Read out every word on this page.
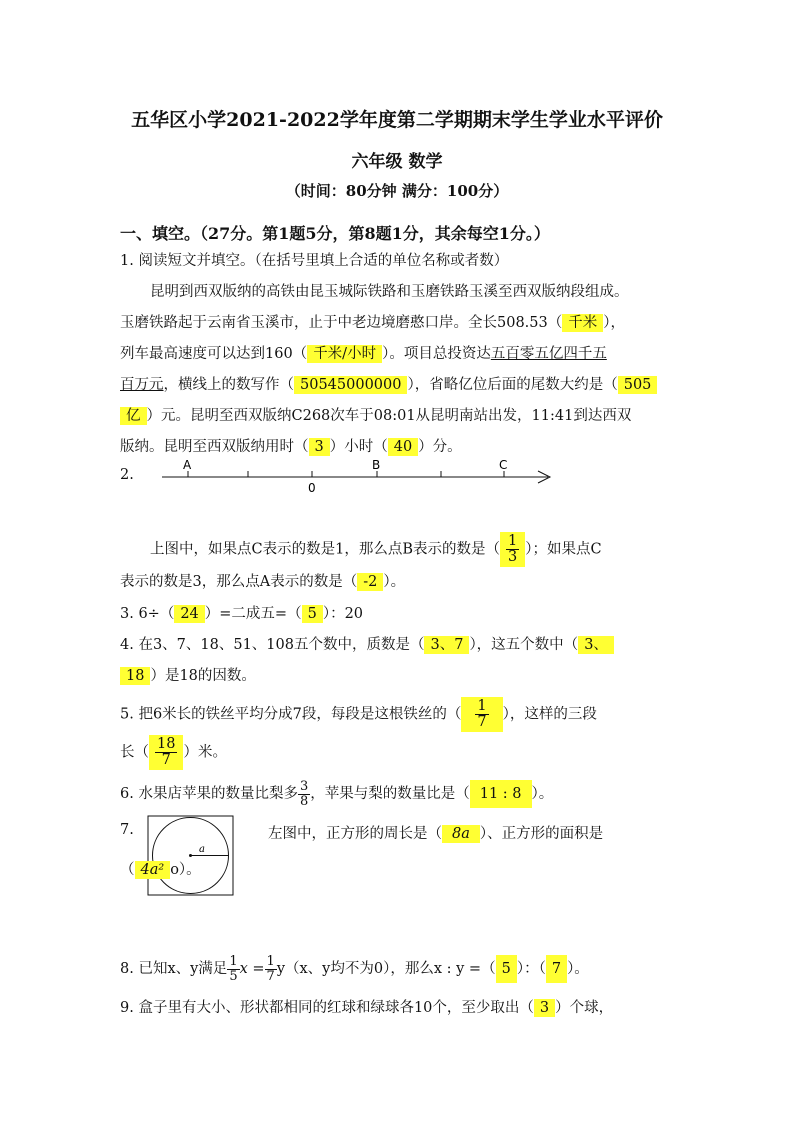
五华区小学2021-2022学年度第二学期期末学生学业水平评价
六年级 数学
（时间：80分钟 满分：100分）
一、填空。（27分。第1题5分，第8题1分，其余每空1分。）
1. 阅读短文并填空。（在括号里填上合适的单位名称或者数）
昆明到西双版纳的高铁由昆玉城际铁路和玉磨铁路玉溪至西双版纳段组成。
玉磨铁路起于云南省玉溪市，止于中老边境磨憨口岸。全长508.53（ 千米 ），
列车最高速度可以达到160（ 千米/小时 ）。项目总投资达五百零五亿四千五
百万元，横线上的数写作（ 50545000000 ），省略亿位后面的尾数大约是（ 505
亿 ）元。昆明至西双版纳C268次车于08:01从昆明南站出发，11:41到达西双
版纳。昆明至西双版纳用时（ 3 ）小时（ 40 ）分。
2.
A	B	C
0
上图中，如果点C表示的数是1，那么点B表示的数是（ $\frac{1}{3}$ ）；如果点C
表示的数是3，那么点A表示的数是（ -2 ）。
3. 6÷（ 24 ）=二成五=（ 5 ）：20
4. 在3、7、18、51、108五个数中，质数是（ 3、7 ），这五个数中（ 3、
18 ）是18的因数。
5. 把6米长的铁丝平均分成7段，每段是这根铁丝的（ $\frac{1}{7}$ ），这样的三段
长（ $\frac{18}{7}$ ）米。
6. 水果店苹果的数量比梨多 $\frac{3}{8}$ ，苹果与梨的数量比是（ 11 : 8 ）。
7.
a
左图中，正方形的周长是（ 8a ）、正方形的面积是
（ 4a² o）。
8. 已知x、y满足 $\frac{1}{5}$ $x = \frac{1}{7} y(x$、y均不为0），那么x : y =（ 5 ）：（ 7 ）。
9. 盒子里有大小、形状都相同的红球和绿球各10个，至少取出（ 3 ）个球，
